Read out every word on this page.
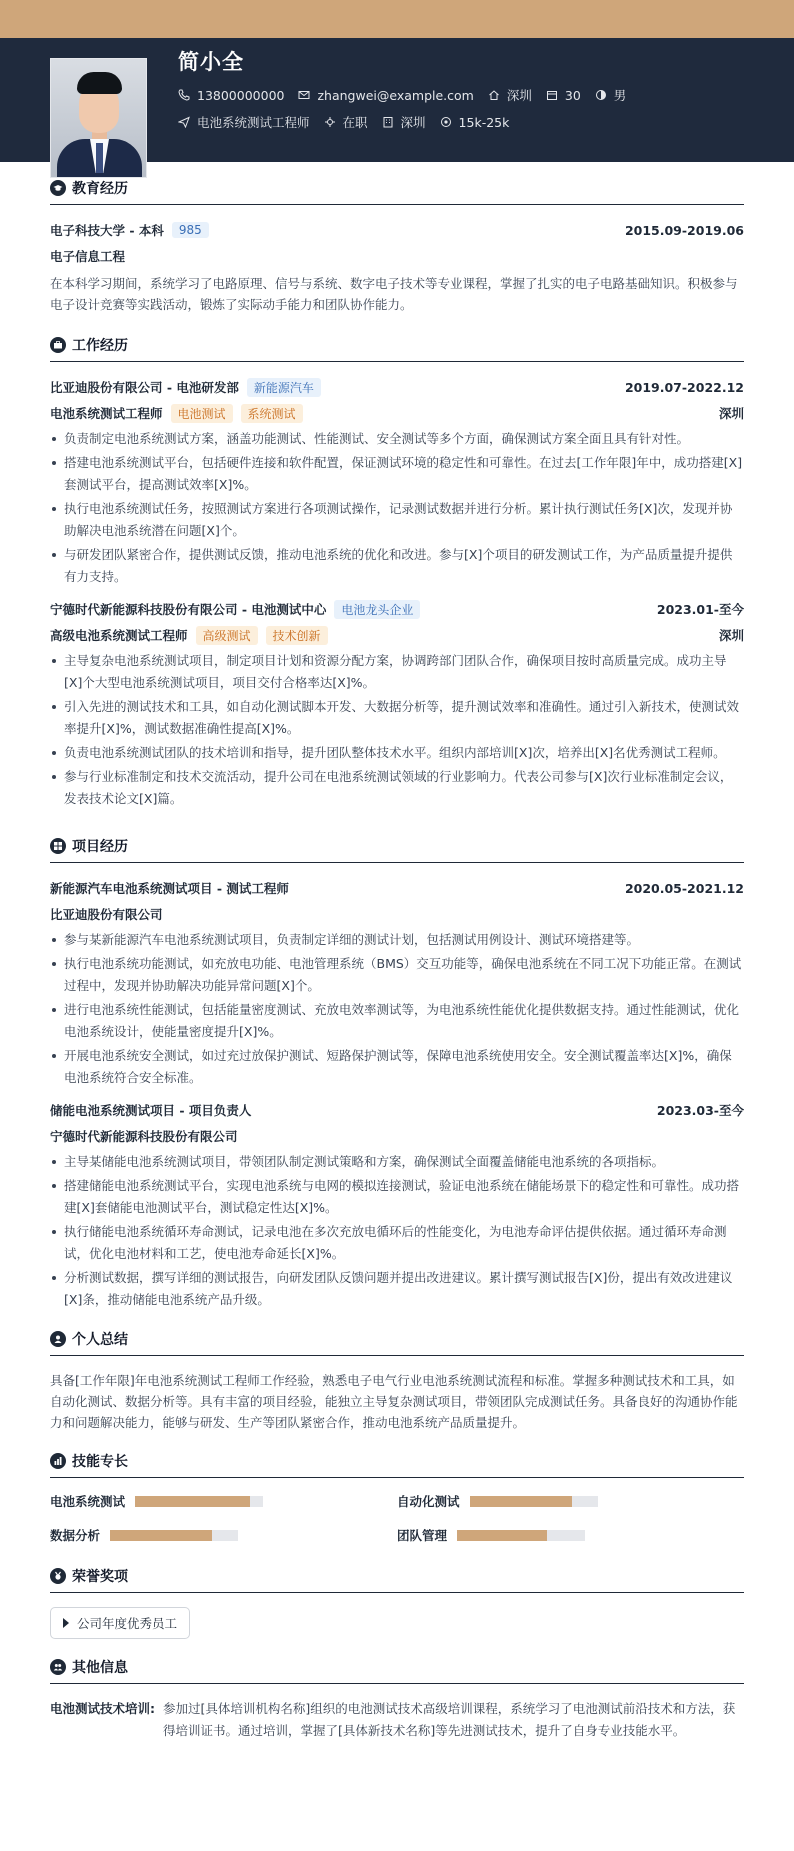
简小全
13800000000	zhangwei@example.com	深圳	30	男
电池系统测试工程师	在职	深圳	15k-25k
教育经历
电子科技大学 - 本科	985	2015.09-2019.06
电子信息工程
在本科学习期间，系统学习了电路原理、信号与系统、数字电子技术等专业课程，掌握了扎实的电子电路基础知识。积极参与电子设计竞赛等实践活动，锻炼了实际动手能力和团队协作能力。
工作经历
比亚迪股份有限公司 - 电池研发部	新能源汽车	2019.07-2022.12
电池系统测试工程师	电池测试	系统测试	深圳
负责制定电池系统测试方案，涵盖功能测试、性能测试、安全测试等多个方面，确保测试方案全面且具有针对性。
搭建电池系统测试平台，包括硬件连接和软件配置，保证测试环境的稳定性和可靠性。在过去[工作年限]年中，成功搭建[X]套测试平台，提高测试效率[X]%。
执行电池系统测试任务，按照测试方案进行各项测试操作，记录测试数据并进行分析。累计执行测试任务[X]次，发现并协助解决电池系统潜在问题[X]个。
与研发团队紧密合作，提供测试反馈，推动电池系统的优化和改进。参与[X]个项目的研发测试工作，为产品质量提升提供有力支持。
宁德时代新能源科技股份有限公司 - 电池测试中心	电池龙头企业	2023.01-至今
高级电池系统测试工程师	高级测试	技术创新	深圳
主导复杂电池系统测试项目，制定项目计划和资源分配方案，协调跨部门团队合作，确保项目按时高质量完成。成功主导[X]个大型电池系统测试项目，项目交付合格率达[X]%。
引入先进的测试技术和工具，如自动化测试脚本开发、大数据分析等，提升测试效率和准确性。通过引入新技术，使测试效率提升[X]%，测试数据准确性提高[X]%。
负责电池系统测试团队的技术培训和指导，提升团队整体技术水平。组织内部培训[X]次，培养出[X]名优秀测试工程师。
参与行业标准制定和技术交流活动，提升公司在电池系统测试领域的行业影响力。代表公司参与[X]次行业标准制定会议，发表技术论文[X]篇。
项目经历
新能源汽车电池系统测试项目 - 测试工程师	2020.05-2021.12
比亚迪股份有限公司
参与某新能源汽车电池系统测试项目，负责制定详细的测试计划，包括测试用例设计、测试环境搭建等。
执行电池系统功能测试，如充放电功能、电池管理系统（BMS）交互功能等，确保电池系统在不同工况下功能正常。在测试过程中，发现并协助解决功能异常问题[X]个。
进行电池系统性能测试，包括能量密度测试、充放电效率测试等，为电池系统性能优化提供数据支持。通过性能测试，优化电池系统设计，使能量密度提升[X]%。
开展电池系统安全测试，如过充过放保护测试、短路保护测试等，保障电池系统使用安全。安全测试覆盖率达[X]%，确保电池系统符合安全标准。
储能电池系统测试项目 - 项目负责人	2023.03-至今
宁德时代新能源科技股份有限公司
主导某储能电池系统测试项目，带领团队制定测试策略和方案，确保测试全面覆盖储能电池系统的各项指标。
搭建储能电池系统测试平台，实现电池系统与电网的模拟连接测试，验证电池系统在储能场景下的稳定性和可靠性。成功搭建[X]套储能电池测试平台，测试稳定性达[X]%。
执行储能电池系统循环寿命测试，记录电池在多次充放电循环后的性能变化，为电池寿命评估提供依据。通过循环寿命测试，优化电池材料和工艺，使电池寿命延长[X]%。
分析测试数据，撰写详细的测试报告，向研发团队反馈问题并提出改进建议。累计撰写测试报告[X]份，提出有效改进建议[X]条，推动储能电池系统产品升级。
个人总结
具备[工作年限]年电池系统测试工程师工作经验，熟悉电子电气行业电池系统测试流程和标准。掌握多种测试技术和工具，如自动化测试、数据分析等。具有丰富的项目经验，能独立主导复杂测试项目，带领团队完成测试任务。具备良好的沟通协作能力和问题解决能力，能够与研发、生产等团队紧密合作，推动电池系统产品质量提升。
技能专长
电池系统测试	自动化测试
数据分析	团队管理
荣誉奖项
公司年度优秀员工
其他信息
电池测试技术培训: 参加过[具体培训机构名称]组织的电池测试技术高级培训课程，系统学习了电池测试前沿技术和方法，获得培训证书。通过培训，掌握了[具体新技术名称]等先进测试技术，提升了自身专业技能水平。
